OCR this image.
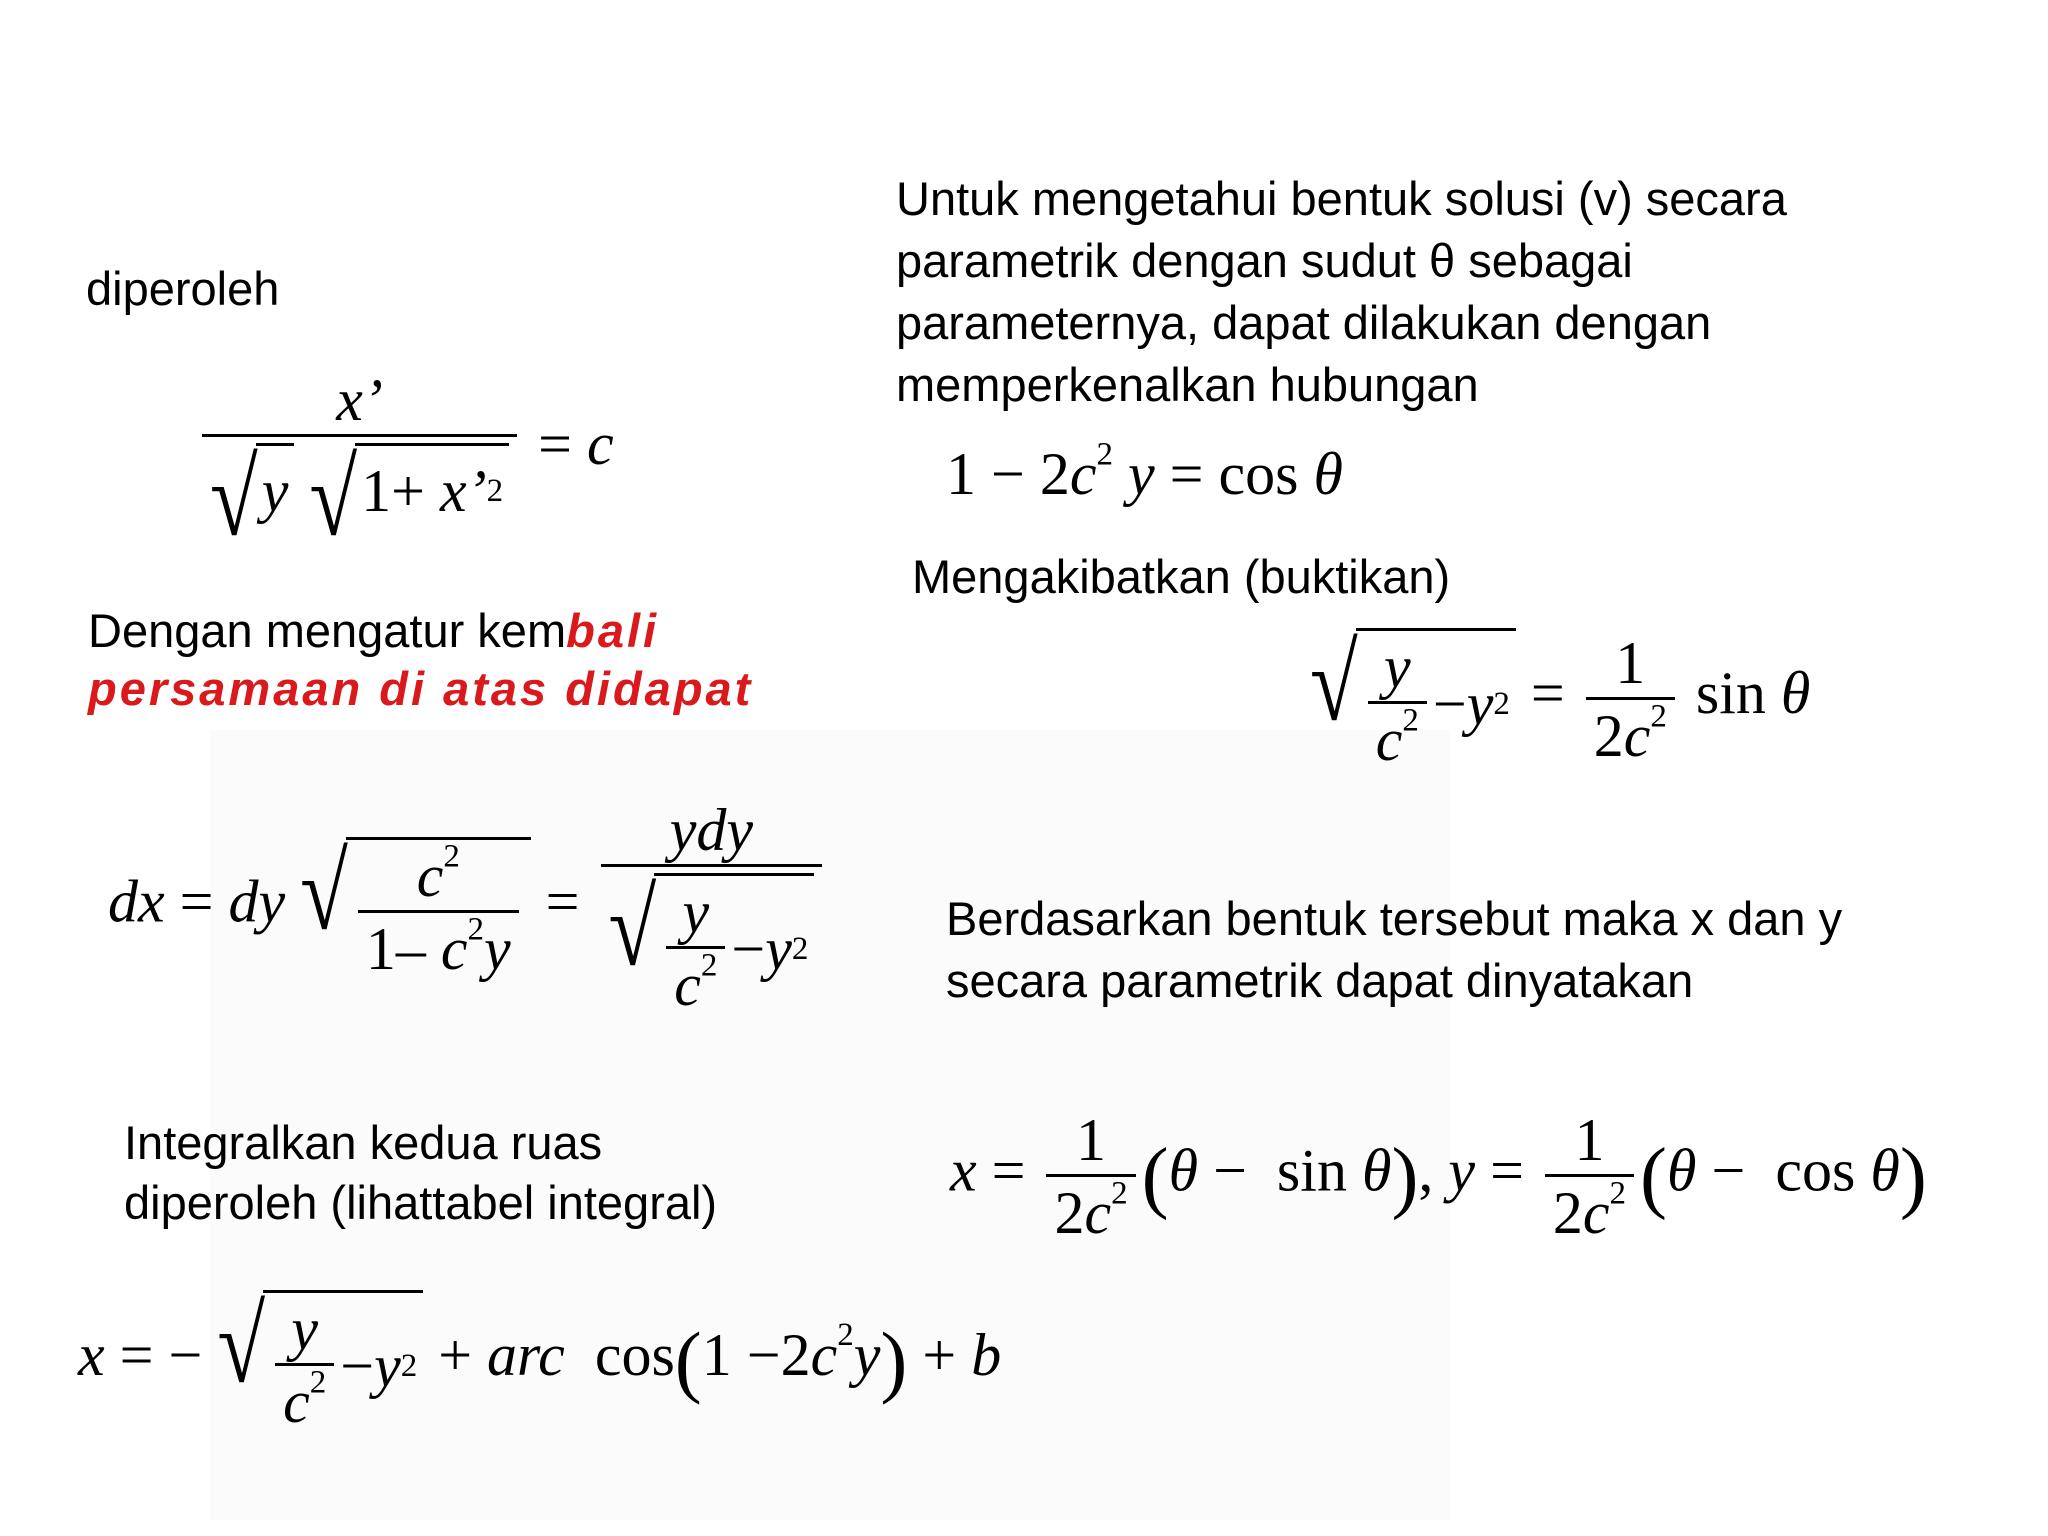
diperoleh
Dengan mengatur kembali
persamaan di atas didapat
Integralkan kedua ruas
diperoleh (lihattabel integral)
Untuk mengetahui bentuk solusi (v) secara
parametrik dengan sudut θ sebagai
parameternya, dapat dilakukan dengan
memperkenalkan hubungan
Mengakibatkan (buktikan)
Berdasarkan bentuk tersebut maka x dan y
secara parametrik dapat dinyatakan
x’
√ y
√ 1+ x’ 2 = c
dx = dy √ $\frac{c^2}{1- c^2y} = \frac{\text{ydy}}{√ \frac{y}{c^2} - y 2}$
x = − √ $\frac{y}{c^2} - y$ 2 + arc  $\cos(1 -2c^2y) + b$
$1 - 2c^2$ y = cos θ
√ $\frac{y}{c^2} - y$ $2 = \frac{1}{2c^2}$ sin θ
$x = \frac{1}{2c^2} (\theta - \sin \theta)$, $y = \frac{1}{2c^2} (\theta - \cos \theta)$
